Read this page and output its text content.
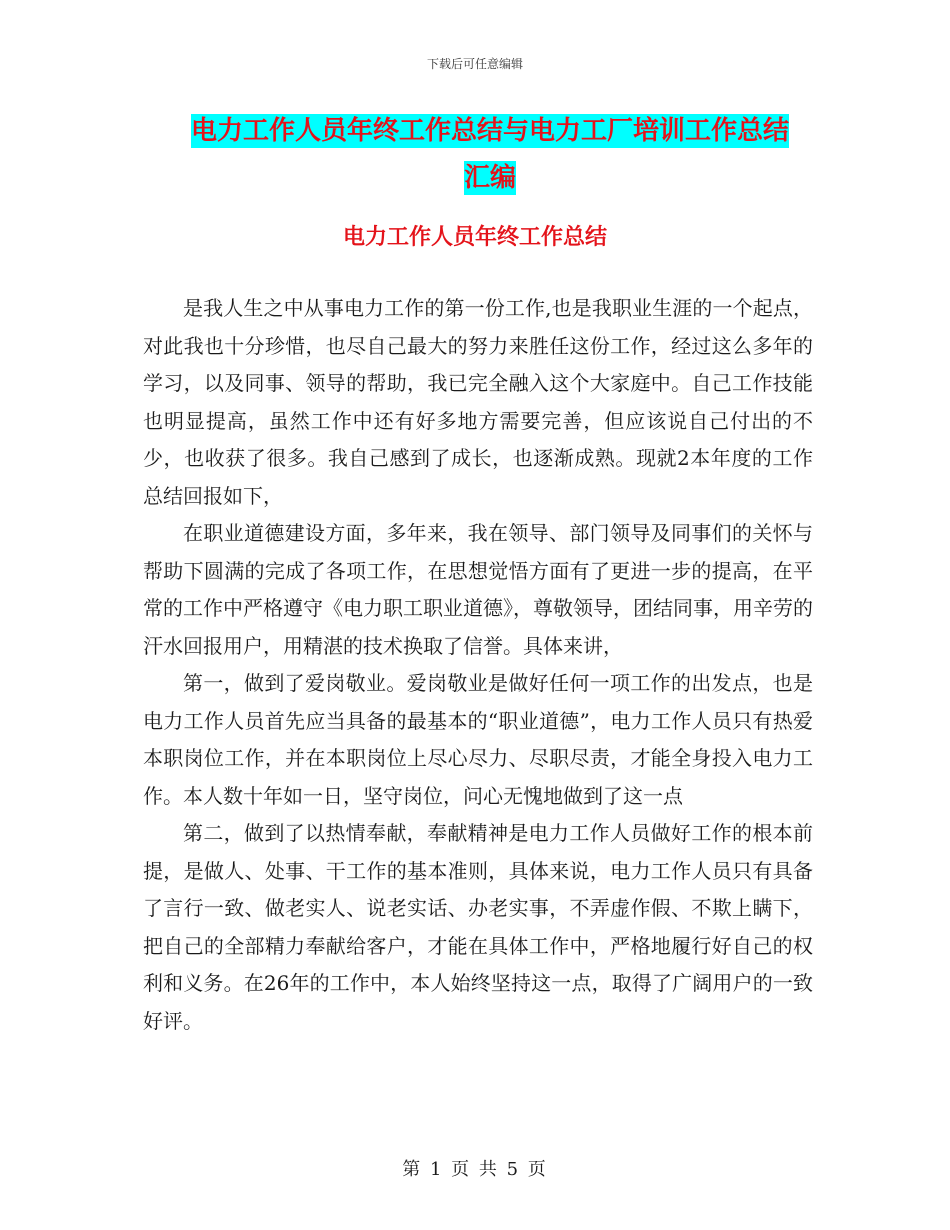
下载后可任意编辑
电力工作人员年终工作总结与电力工厂培训工作总结
汇编
电力工作人员年终工作总结

是我人生之中从事电力工作的第一份工作,也是我职业生涯的一个起点，对此我也十分珍惜，也尽自己最大的努力来胜任这份工作，经过这么多年的学习，以及同事、领导的帮助，我已完全融入这个大家庭中。自己工作技能也明显提高，虽然工作中还有好多地方需要完善，但应该说自己付出的不少，也收获了很多。我自己感到了成长，也逐渐成熟。现就2本年度的工作总结回报如下，

在职业道德建设方面，多年来，我在领导、部门领导及同事们的关怀与帮助下圆满的完成了各项工作，在思想觉悟方面有了更进一步的提高，在平常的工作中严格遵守《电力职工职业道德》，尊敬领导，团结同事，用辛劳的汗水回报用户，用精湛的技术换取了信誉。具体来讲，

第一，做到了爱岗敬业。爱岗敬业是做好任何一项工作的出发点，也是电力工作人员首先应当具备的最基本的“职业道德”，电力工作人员只有热爱本职岗位工作，并在本职岗位上尽心尽力、尽职尽责，才能全身投入电力工作。本人数十年如一日，坚守岗位，问心无愧地做到了这一点

第二，做到了以热情奉献，奉献精神是电力工作人员做好工作的根本前提，是做人、处事、干工作的基本准则，具体来说，电力工作人员只有具备了言行一致、做老实人、说老实话、办老实事，不弄虚作假、不欺上瞒下，把自己的全部精力奉献给客户，才能在具体工作中，严格地履行好自己的权利和义务。在26年的工作中，本人始终坚持这一点，取得了广阔用户的一致好评。

第 1 页 共 5 页
